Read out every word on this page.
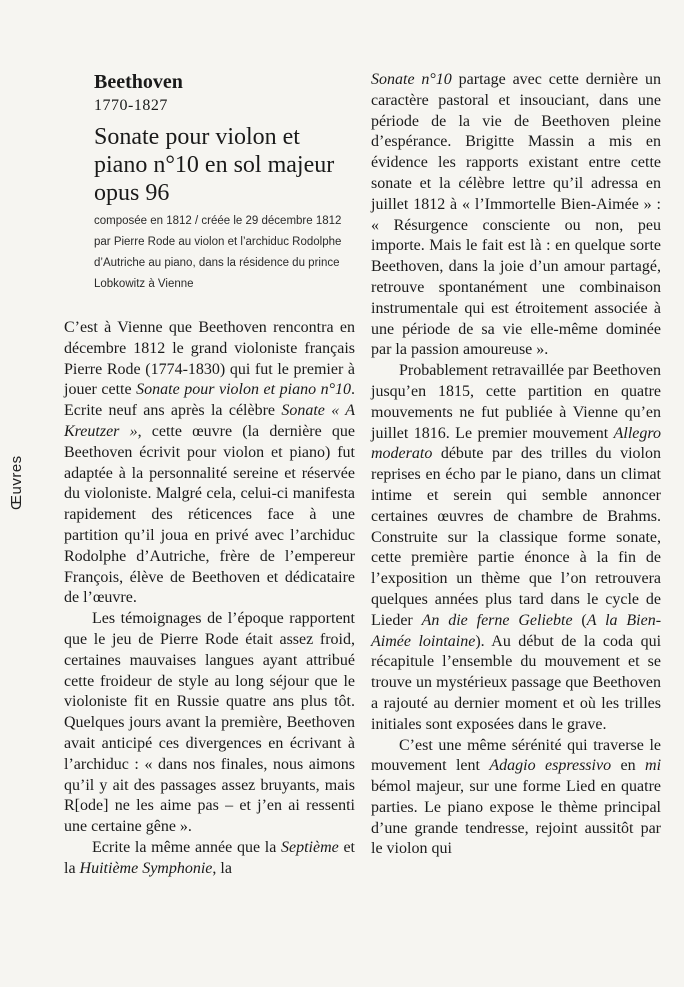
Œuvres
Beethoven
1770-1827
Sonate pour violon et piano n°10 en sol majeur opus 96
composée en 1812 / créée le 29 décembre 1812 par Pierre Rode au violon et l’archiduc Rodolphe d’Autriche au piano, dans la résidence du prince Lobkowitz à Vienne

C’est à Vienne que Beethoven rencontra en décembre 1812 le grand violoniste français Pierre Rode (1774-1830) qui fut le premier à jouer cette Sonate pour violon et piano n°10. Ecrite neuf ans après la célèbre Sonate « A Kreutzer », cette œuvre (la dernière que Beethoven écrivit pour violon et piano) fut adaptée à la personnalité sereine et réservée du violoniste. Malgré cela, celui-ci manifesta rapidement des réticences face à une partition qu’il joua en privé avec l’archiduc Rodolphe d’Autriche, frère de l’empereur François, élève de Beethoven et dédicataire de l’œuvre.

Les témoignages de l’époque rapportent que le jeu de Pierre Rode était assez froid, certaines mauvaises langues ayant attribué cette froideur de style au long séjour que le violoniste fit en Russie quatre ans plus tôt. Quelques jours avant la première, Beethoven avait anticipé ces divergences en écrivant à l’archiduc : « dans nos finales, nous aimons qu’il y ait des passages assez bruyants, mais R[ode] ne les aime pas – et j’en ai ressenti une certaine gêne ».

Ecrite la même année que la Septième et la Huitième Symphonie, la

Sonate n°10 partage avec cette dernière un caractère pastoral et insouciant, dans une période de la vie de Beethoven pleine d’espérance. Brigitte Massin a mis en évidence les rapports existant entre cette sonate et la célèbre lettre qu’il adressa en juillet 1812 à « l’Immortelle Bien-Aimée » : « Résurgence consciente ou non, peu importe. Mais le fait est là : en quelque sorte Beethoven, dans la joie d’un amour partagé, retrouve spontanément une combinaison instrumentale qui est étroitement associée à une période de sa vie elle-même dominée par la passion amoureuse ».

Probablement retravaillée par Beethoven jusqu’en 1815, cette partition en quatre mouvements ne fut publiée à Vienne qu’en juillet 1816. Le premier mouvement Allegro moderato débute par des trilles du violon reprises en écho par le piano, dans un climat intime et serein qui semble annoncer certaines œuvres de chambre de Brahms. Construite sur la classique forme sonate, cette première partie énonce à la fin de l’exposition un thème que l’on retrouvera quelques années plus tard dans le cycle de Lieder An die ferne Geliebte (A la Bien-Aimée lointaine). Au début de la coda qui récapitule l’ensemble du mouvement et se trouve un mystérieux passage que Beethoven a rajouté au dernier moment et où les trilles initiales sont exposées dans le grave.

C’est une même sérénité qui traverse le mouvement lent Adagio espressivo en mi bémol majeur, sur une forme Lied en quatre parties. Le piano expose le thème principal d’une grande tendresse, rejoint aussitôt par le violon qui
